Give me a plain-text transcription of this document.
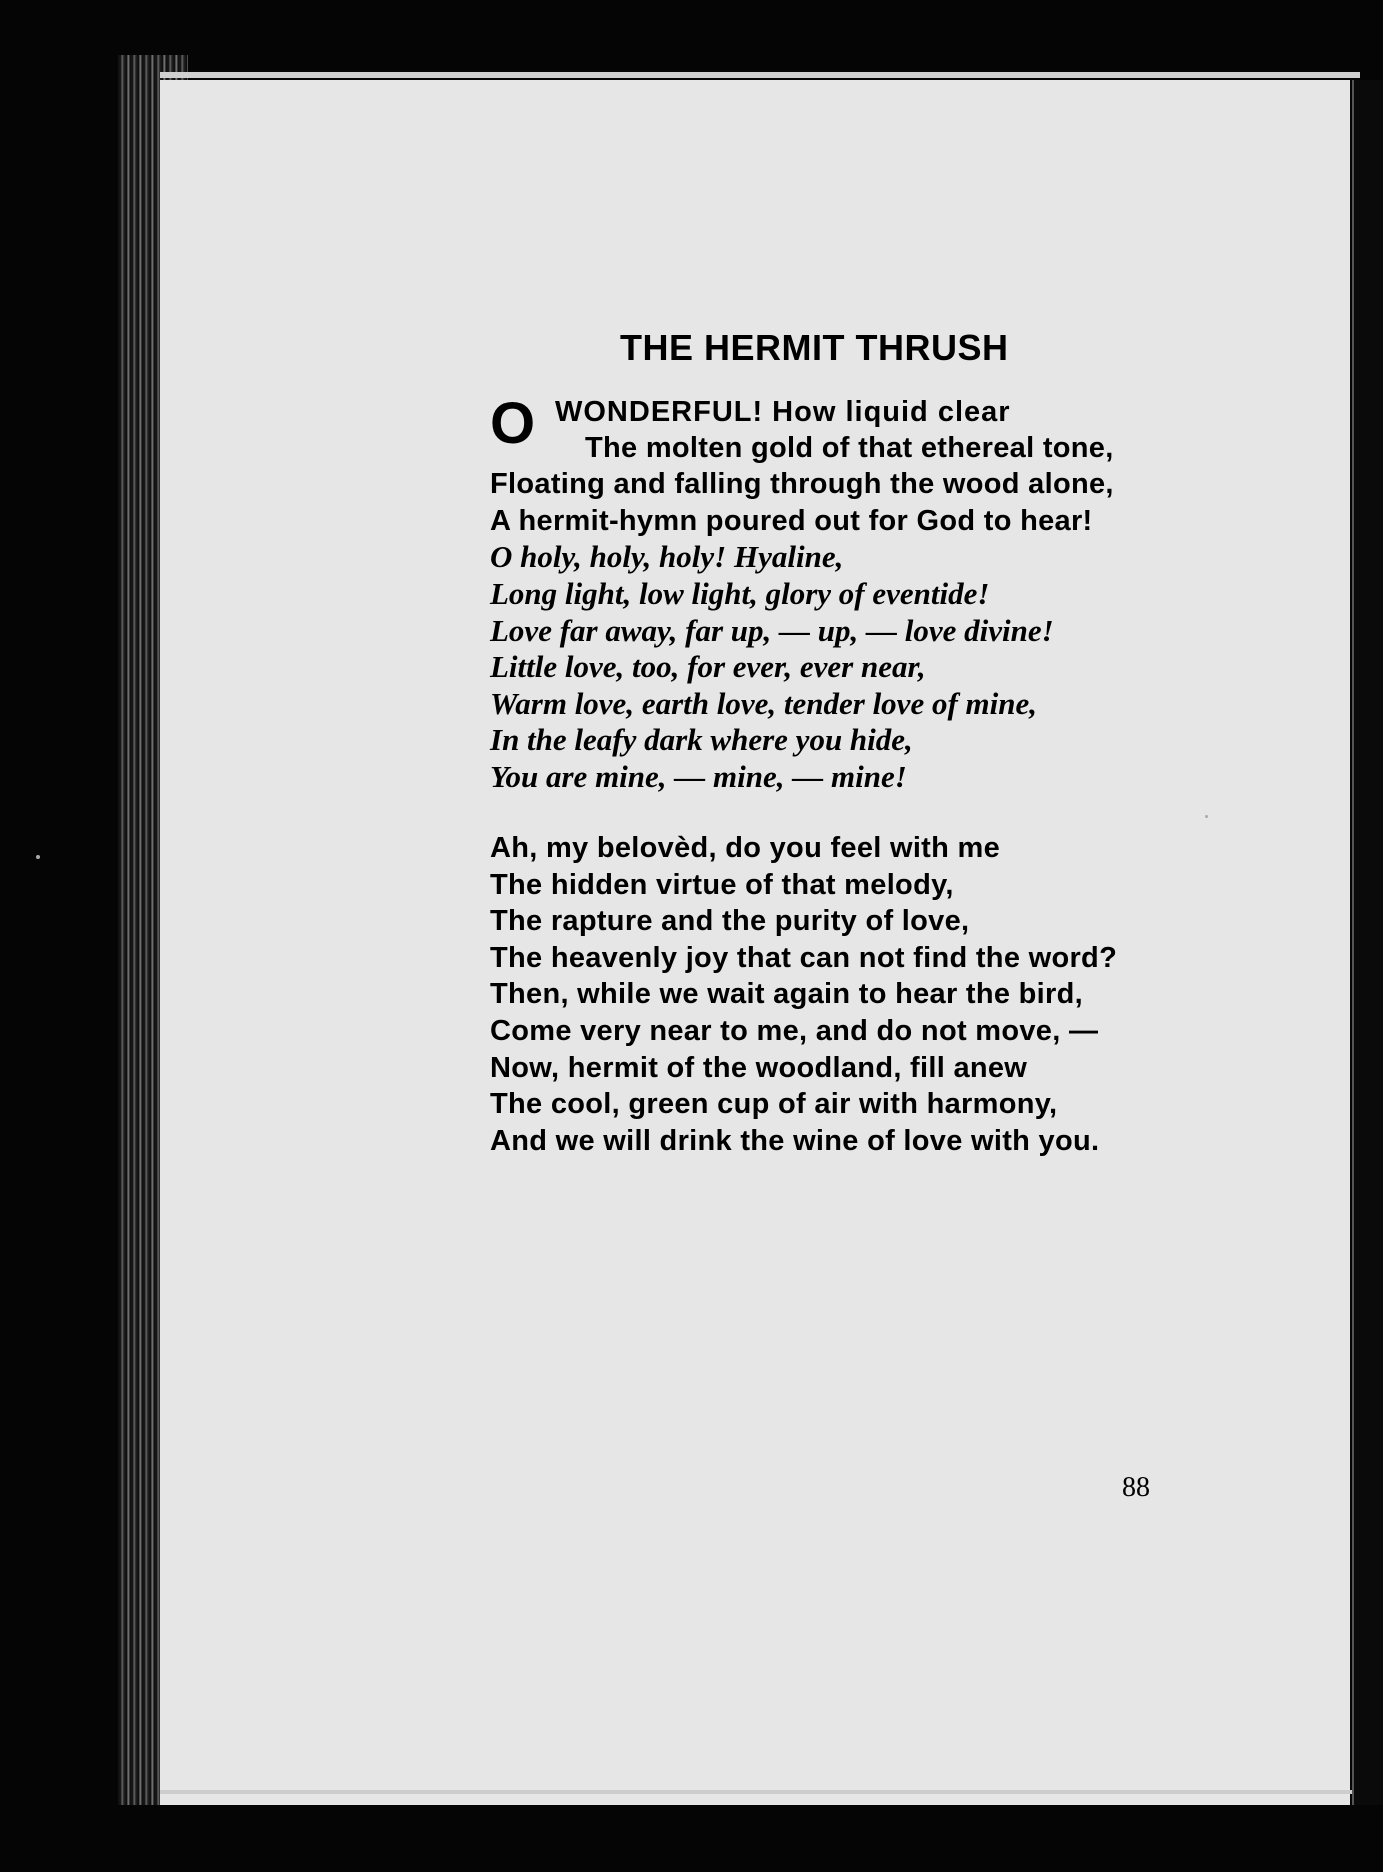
THE HERMIT THRUSH
O WONDERFUL! How liquid clear
The molten gold of that ethereal tone,
Floating and falling through the wood alone,
A hermit-hymn poured out for God to hear!
O holy, holy, holy! Hyaline,
Long light, low light, glory of eventide!
Love far away, far up, — up, — love divine!
Little love, too, for ever, ever near,
Warm love, earth love, tender love of mine,
In the leafy dark where you hide,
You are mine, — mine, — mine!
Ah, my belovèd, do you feel with me
The hidden virtue of that melody,
The rapture and the purity of love,
The heavenly joy that can not find the word?
Then, while we wait again to hear the bird,
Come very near to me, and do not move, —
Now, hermit of the woodland, fill anew
The cool, green cup of air with harmony,
And we will drink the wine of love with you.
88
